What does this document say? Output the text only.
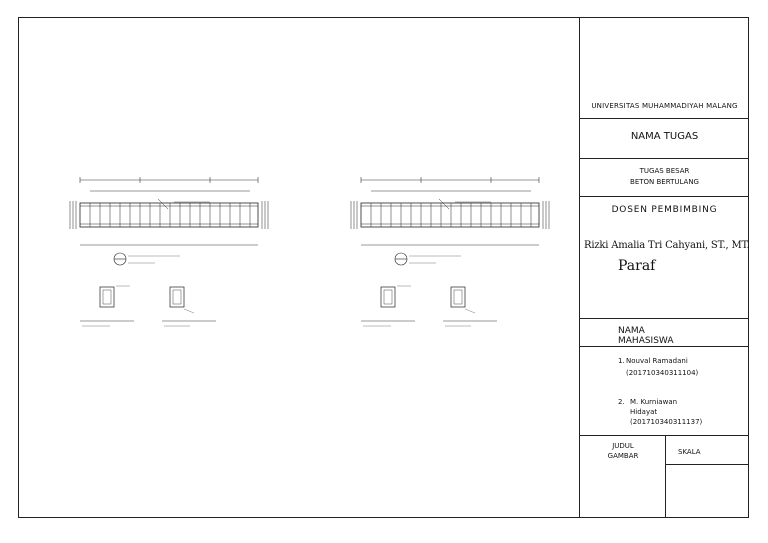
UNIVERSITAS MUHAMMADIYAH MALANG
NAMA TUGAS
TUGAS BESAR
BETON BERTULANG
DOSEN PEMBIMBING
Rizki Amalia Tri Cahyani, ST., MT.
Paraf
NAMA
MAHASISWA
1. Nouval Ramadani
(201710340311104)
2. M. Kurniawan
Hidayat
(201710340311137)
JUDUL
GAMBAR	SKALA
